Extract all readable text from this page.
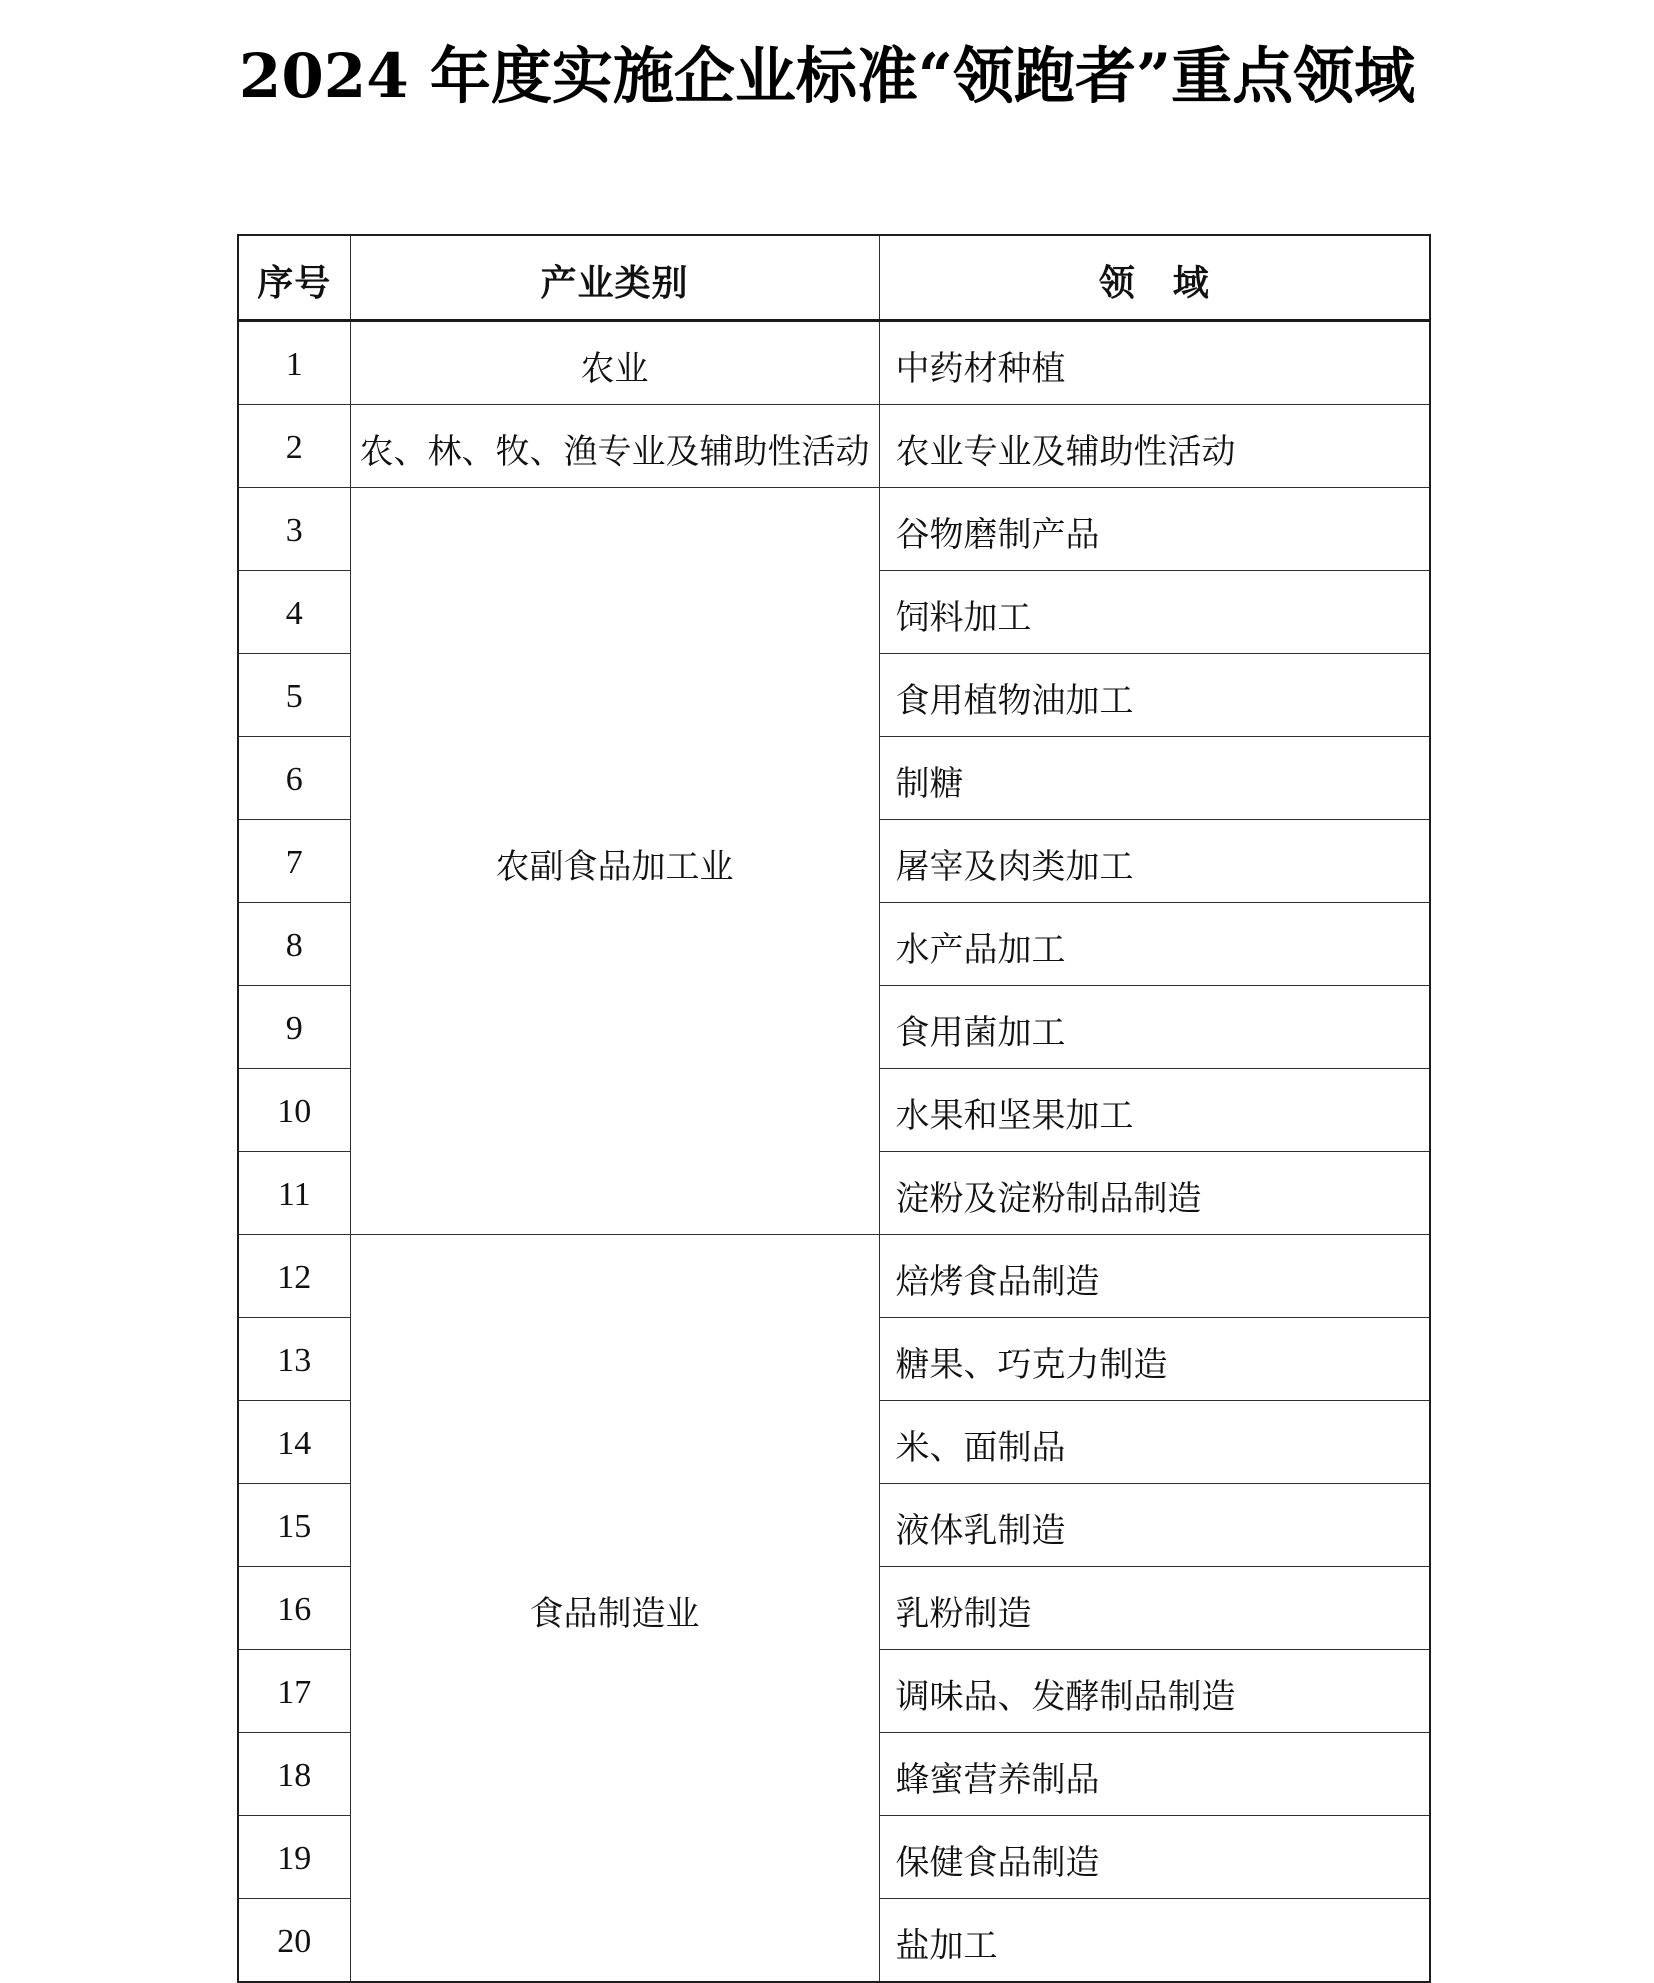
2024 年度实施企业标准“领跑者”重点领域
序号	产业类别	领　域
1	农业	中药材种植
2	农、林、牧、渔专业及辅助性活动	农业专业及辅助性活动
3	农副食品加工业	谷物磨制产品
4		饲料加工
5		食用植物油加工
6		制糖
7		屠宰及肉类加工
8		水产品加工
9		食用菌加工
10		水果和坚果加工
11		淀粉及淀粉制品制造
12	食品制造业	焙烤食品制造
13		糖果、巧克力制造
14		米、面制品
15		液体乳制造
16		乳粉制造
17		调味品、发酵制品制造
18		蜂蜜营养制品
19		保健食品制造
20		盐加工
